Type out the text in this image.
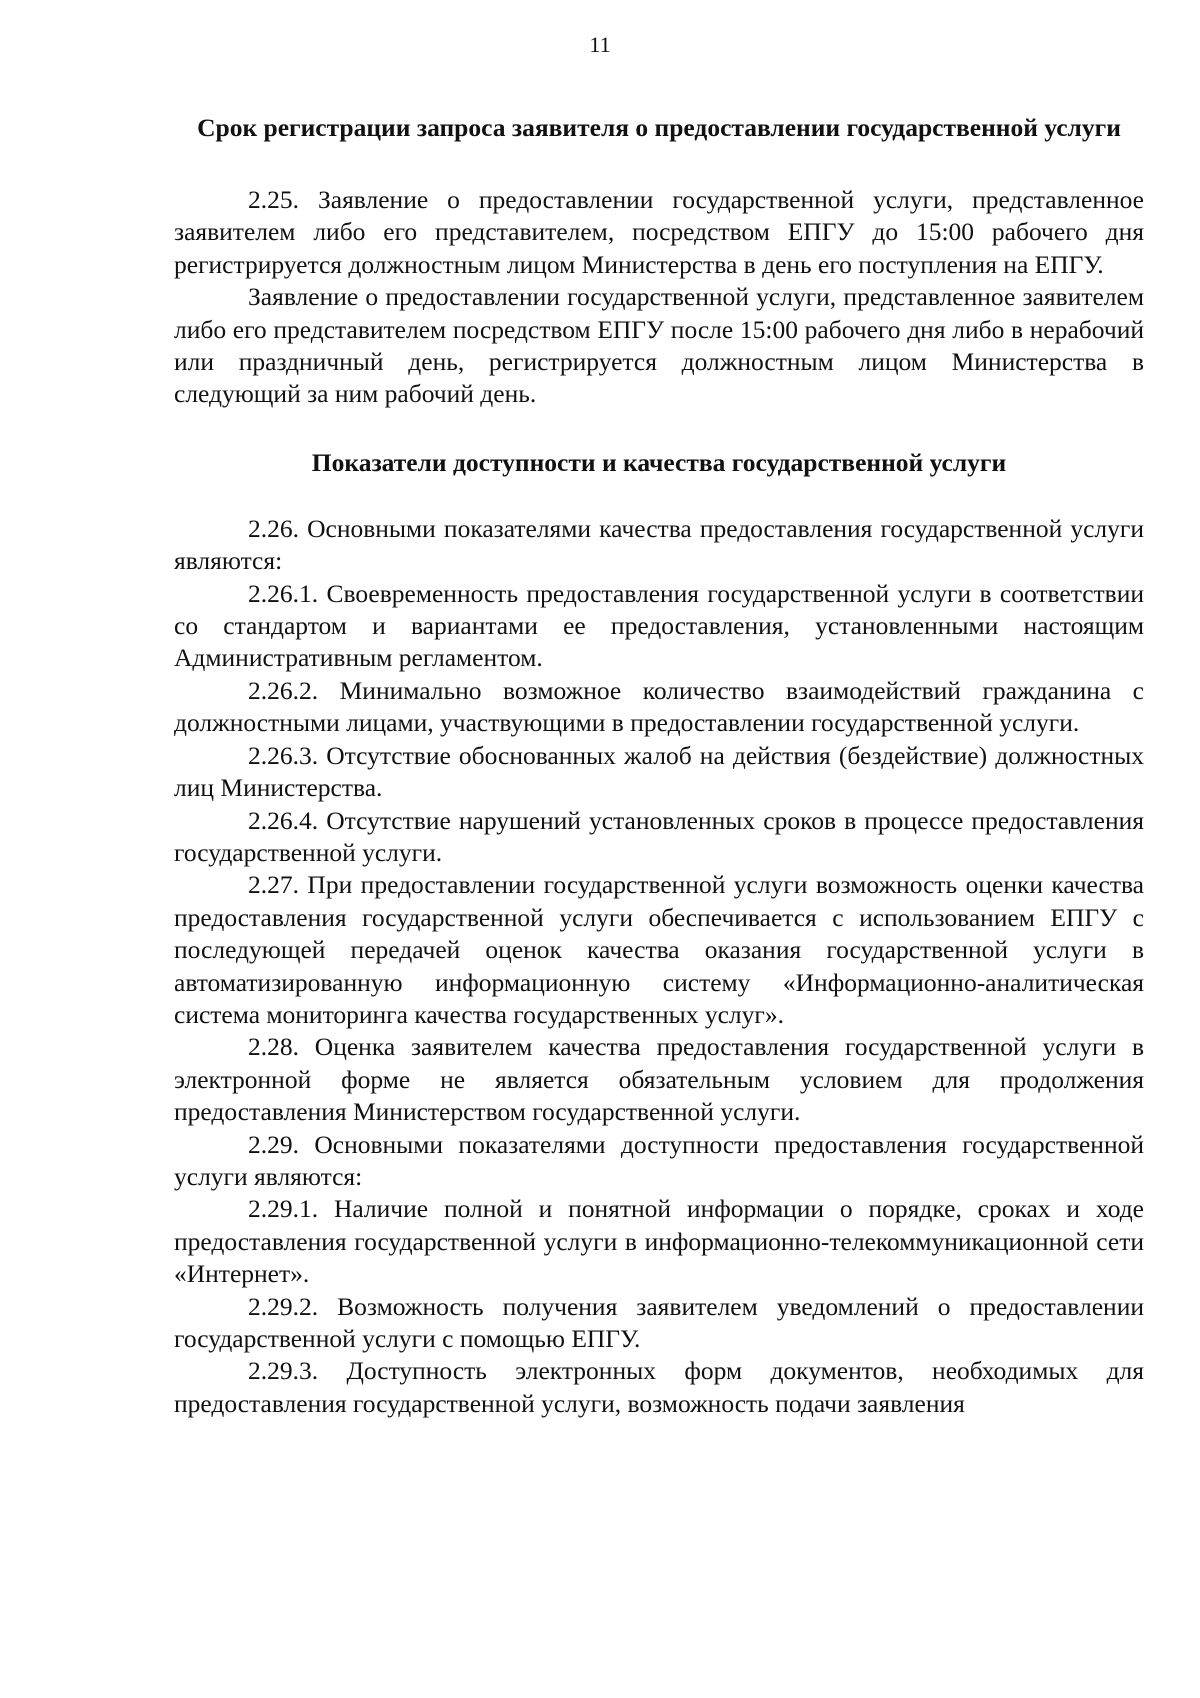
11
Срок регистрации запроса заявителя о предоставлении государственной услуги

2.25. Заявление о предоставлении государственной услуги, представленное заявителем либо его представителем, посредством ЕПГУ до 15:00 рабочего дня регистрируется должностным лицом Министерства в день его поступления на ЕПГУ.

Заявление о предоставлении государственной услуги, представленное заявителем либо его представителем посредством ЕПГУ после 15:00 рабочего дня либо в нерабочий или праздничный день, регистрируется должностным лицом Министерства в следующий за ним рабочий день.

Показатели доступности и качества государственной услуги

2.26. Основными показателями качества предоставления государственной услуги являются:

2.26.1. Своевременность предоставления государственной услуги в соответствии со стандартом и вариантами ее предоставления, установленными настоящим Административным регламентом.

2.26.2. Минимально возможное количество взаимодействий гражданина с должностными лицами, участвующими в предоставлении государственной услуги.

2.26.3. Отсутствие обоснованных жалоб на действия (бездействие) должностных лиц Министерства.

2.26.4. Отсутствие нарушений установленных сроков в процессе предоставления государственной услуги.

2.27. При предоставлении государственной услуги возможность оценки качества предоставления государственной услуги обеспечивается с использованием ЕПГУ с последующей передачей оценок качества оказания государственной услуги в автоматизированную информационную систему «Информационно-аналитическая система мониторинга качества государственных услуг».

2.28. Оценка заявителем качества предоставления государственной услуги в электронной форме не является обязательным условием для продолжения предоставления Министерством государственной услуги.

2.29. Основными показателями доступности предоставления государственной услуги являются:

2.29.1. Наличие полной и понятной информации о порядке, сроках и ходе предоставления государственной услуги в информационно-телекоммуникационной сети «Интернет».

2.29.2. Возможность получения заявителем уведомлений о предоставлении государственной услуги с помощью ЕПГУ.

2.29.3. Доступность электронных форм документов, необходимых для предоставления государственной услуги, возможность подачи заявления
